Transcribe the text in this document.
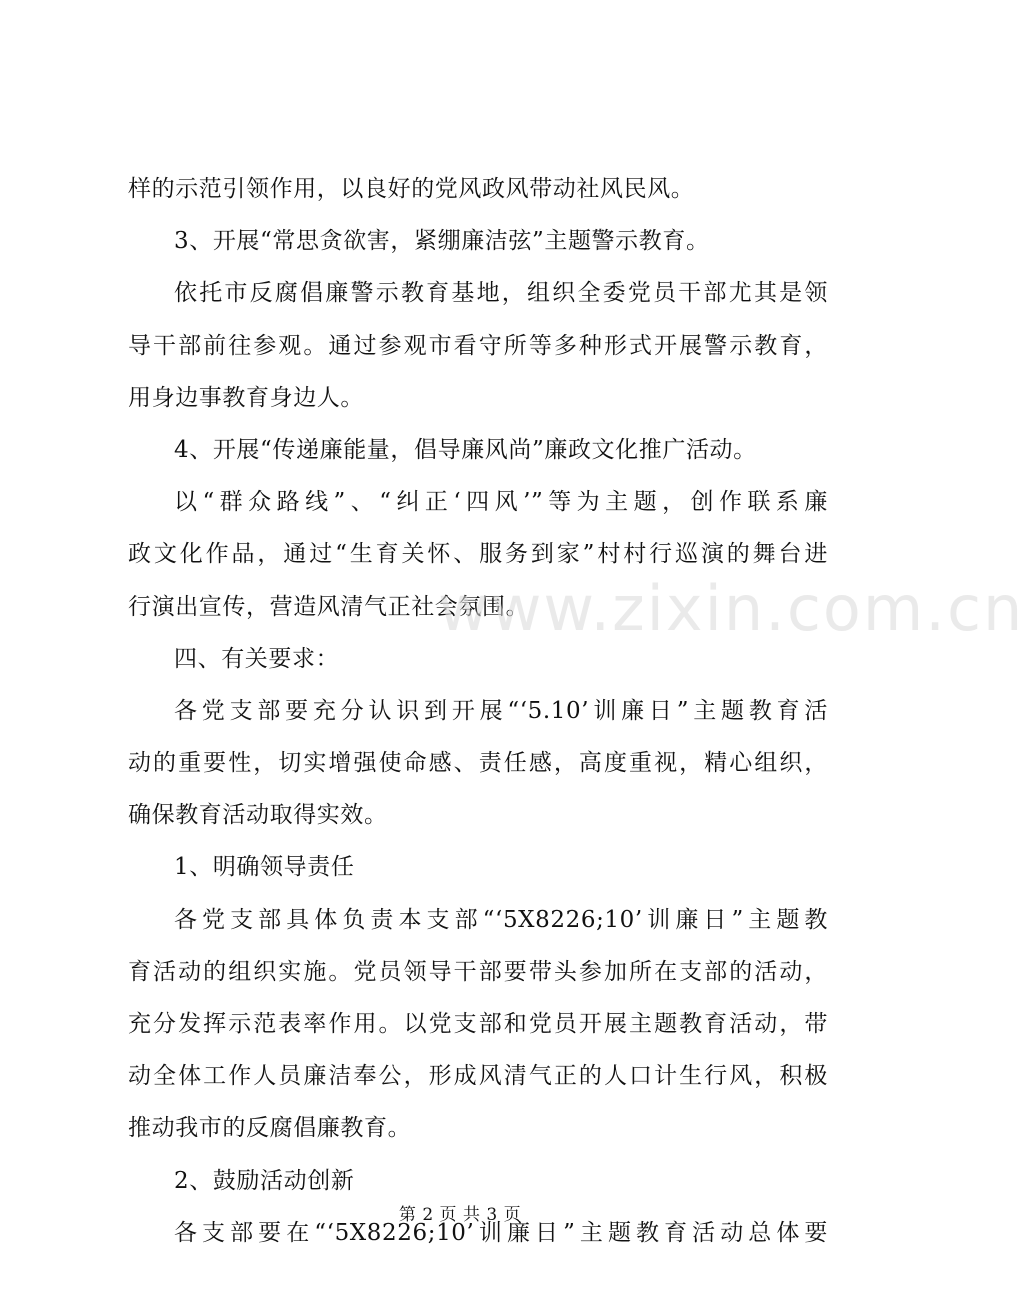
样的示范引领作用，以良好的党风政风带动社风民风。
3、开展“常思贪欲害，紧绷廉洁弦”主题警示教育。
依托市反腐倡廉警示教育基地，组织全委党员干部尤其是领
导干部前往参观。通过参观市看守所等多种形式开展警示教育，
用身边事教育身边人。
4、开展“传递廉能量，倡导廉风尚”廉政文化推广活动。
以“群众路线”、“纠正‘四风’”等为主题，创作联系廉
政文化作品，通过“生育关怀、服务到家”村村行巡演的舞台进
行演出宣传，营造风清气正社会氛围。
四、有关要求：
各党支部要充分认识到开展“‘5.10’训廉日”主题教育活
动的重要性，切实增强使命感、责任感，高度重视，精心组织，
确保教育活动取得实效。
1、明确领导责任
各党支部具体负责本支部“‘5X8226;10’训廉日”主题教
育活动的组织实施。党员领导干部要带头参加所在支部的活动，
充分发挥示范表率作用。以党支部和党员开展主题教育活动，带
动全体工作人员廉洁奉公，形成风清气正的人口计生行风，积极
推动我市的反腐倡廉教育。
2、鼓励活动创新
各支部要在“‘5X8226;10’训廉日”主题教育活动总体要
www.zixin.com.cn
第 2 页 共 3 页
